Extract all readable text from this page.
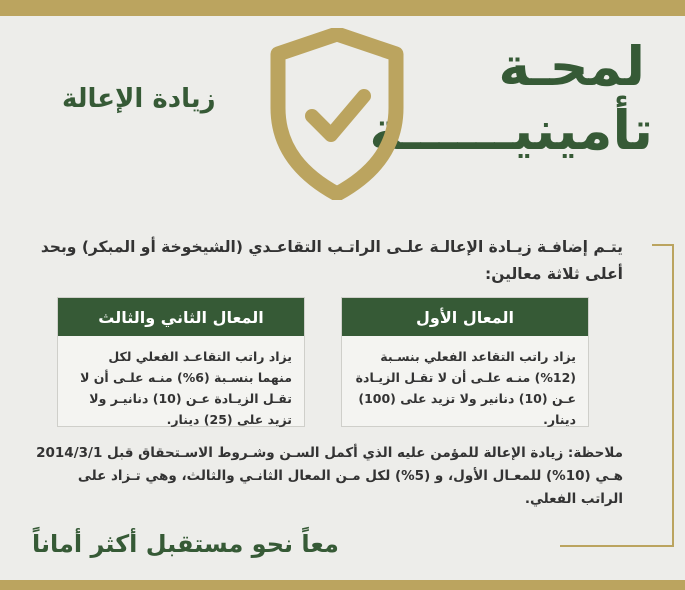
لمحـة
تأمينيــــــة
زيادة الإعالة
يتـم إضافـة زيـادة الإعالـة علـى الراتـب التقاعـدي (الشيخوخة أو المبكر) وبحد أعلى ثلاثة معالين:
المعال الأول
يزاد راتب التقاعد الفعلي بنسـبة (12%) منـه علـى أن لا تقـل الزيـادة عـن (10) دنانير ولا تزيد على (100) دينار.
المعال الثاني والثالث
يزاد راتب التقاعـد الفعلي لكل منهما بنسـبة (6%) منـه علـى أن لا تقـل الزيـادة عـن (10) دنانيـر ولا تزيد على (25) دينار.
ملاحظة: زيادة الإعالة للمؤمن عليه الذي أكمل السـن وشـروط الاسـتحقاق قبل 2014/3/1 هـي (10%) للمعـال الأول، و (5%) لكل مـن المعال الثانـي والثالث، وهي تـزاد على الراتب الفعلي.
معاً نحو مستقبل أكثر أماناً
